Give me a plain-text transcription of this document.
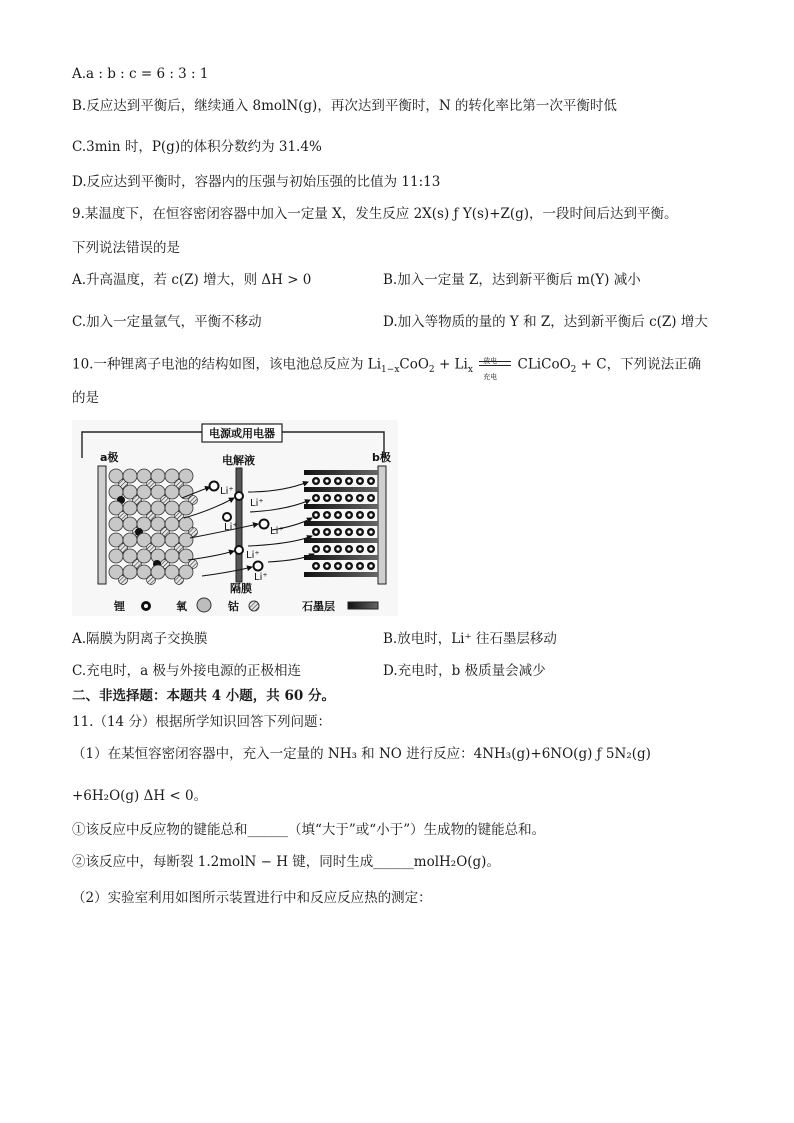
A.a : b : c = 6 : 3 : 1
B.反应达到平衡后，继续通入 8molN(g)，再次达到平衡时，N 的转化率比第一次平衡时低
C.3min 时，P(g)的体积分数约为 31.4%
D.反应达到平衡时，容器内的压强与初始压强的比值为 11:13
9.某温度下，在恒容密闭容器中加入一定量 X，发生反应 2X(s) ƒ Y(s)+Z(g)，一段时间后达到平衡。
下列说法错误的是
A.升高温度，若 c(Z) 增大，则 ΔH > 0	B.加入一定量 Z，达到新平衡后 m(Y) 减小
C.加入一定量氩气，平衡不移动	D.加入等物质的量的 Y 和 Z，达到新平衡后 c(Z) 增大
10.一种锂离子电池的结构如图，该电池总反应为 $Li_{1-x}CoO_2 + Li_x$
放电
充电
CLiCoO$_2$ + C，下列说法正确
的是
电源或用电器
a极	电解液
隔膜
Li⁺
Li⁺
Li⁺
Li⁺
Li⁺
Li⁺
b极
锂	氧	钴	石墨层
A.隔膜为阴离子交换膜	B.放电时，Li⁺ 往石墨层移动
C.充电时，a 极与外接电源的正极相连	D.充电时，b 极质量会减少
二、非选择题：本题共 4 小题，共 60 分。
11.（14 分）根据所学知识回答下列问题：
（1）在某恒容密闭容器中，充入一定量的 NH₃ 和 NO 进行反应：4NH₃(g)+6NO(g) ƒ 5N₂(g)
+6H₂O(g) ΔH < 0。
①该反应中反应物的键能总和______（填“大于”或“小于”）生成物的键能总和。
②该反应中，每断裂 1.2molN − H 键，同时生成______molH₂O(g)。
（2）实验室利用如图所示装置进行中和反应反应热的测定：
